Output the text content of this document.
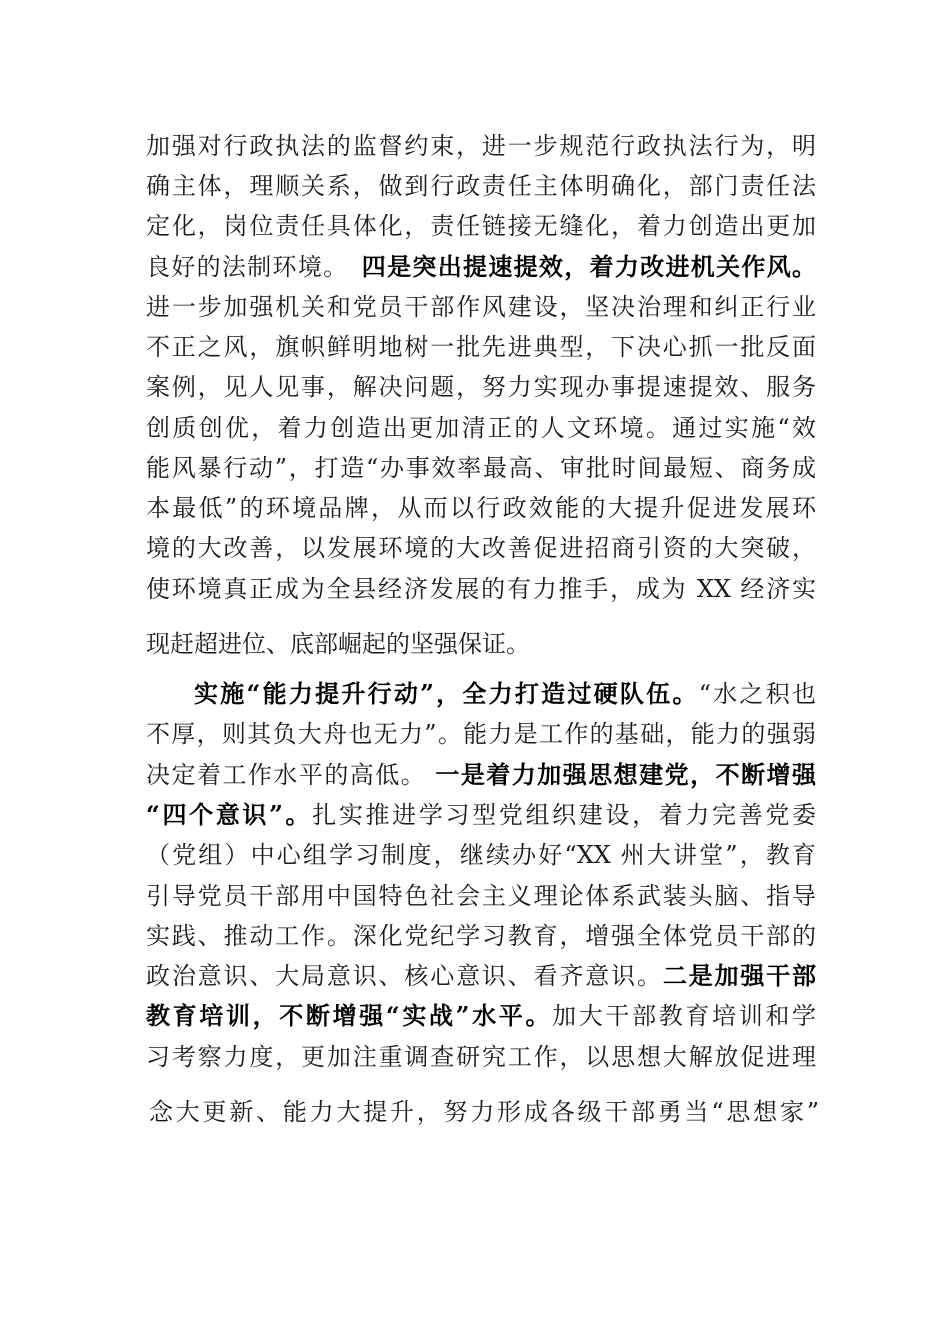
加强对行政执法的监督约束，进一步规范行政执法行为，明
确主体，理顺关系，做到行政责任主体明确化，部门责任法
定化，岗位责任具体化，责任链接无缝化，着力创造出更加
良好的法制环境。　四是突出提速提效，着力改进机关作风。
进一步加强机关和党员干部作风建设，坚决治理和纠正行业
不正之风，旗帜鲜明地树一批先进典型，下决心抓一批反面
案例，见人见事，解决问题，努力实现办事提速提效、服务
创质创优，着力创造出更加清正的人文环境。通过实施“效
能风暴行动”，打造“办事效率最高、审批时间最短、商务成
本最低”的环境品牌，从而以行政效能的大提升促进发展环
境的大改善，以发展环境的大改善促进招商引资的大突破，
使环境真正成为全县经济发展的有力推手，成为 XX 经济实
现赶超进位、底部崛起的坚强保证。
实施“能力提升行动”，全力打造过硬队伍。“水之积也
不厚，则其负大舟也无力”。能力是工作的基础，能力的强弱
决定着工作水平的高低。 一是着力加强思想建党，不断增强
“四个意识”。扎实推进学习型党组织建设，着力完善党委
（党组）中心组学习制度，继续办好“XX 州大讲堂”，教育
引导党员干部用中国特色社会主义理论体系武装头脑、指导
实践、推动工作。深化党纪学习教育，增强全体党员干部的
政治意识、大局意识、核心意识、看齐意识。二是加强干部
教育培训，不断增强“实战”水平。加大干部教育培训和学
习考察力度，更加注重调查研究工作，以思想大解放促进理
念大更新、能力大提升，努力形成各级干部勇当“思想家”
